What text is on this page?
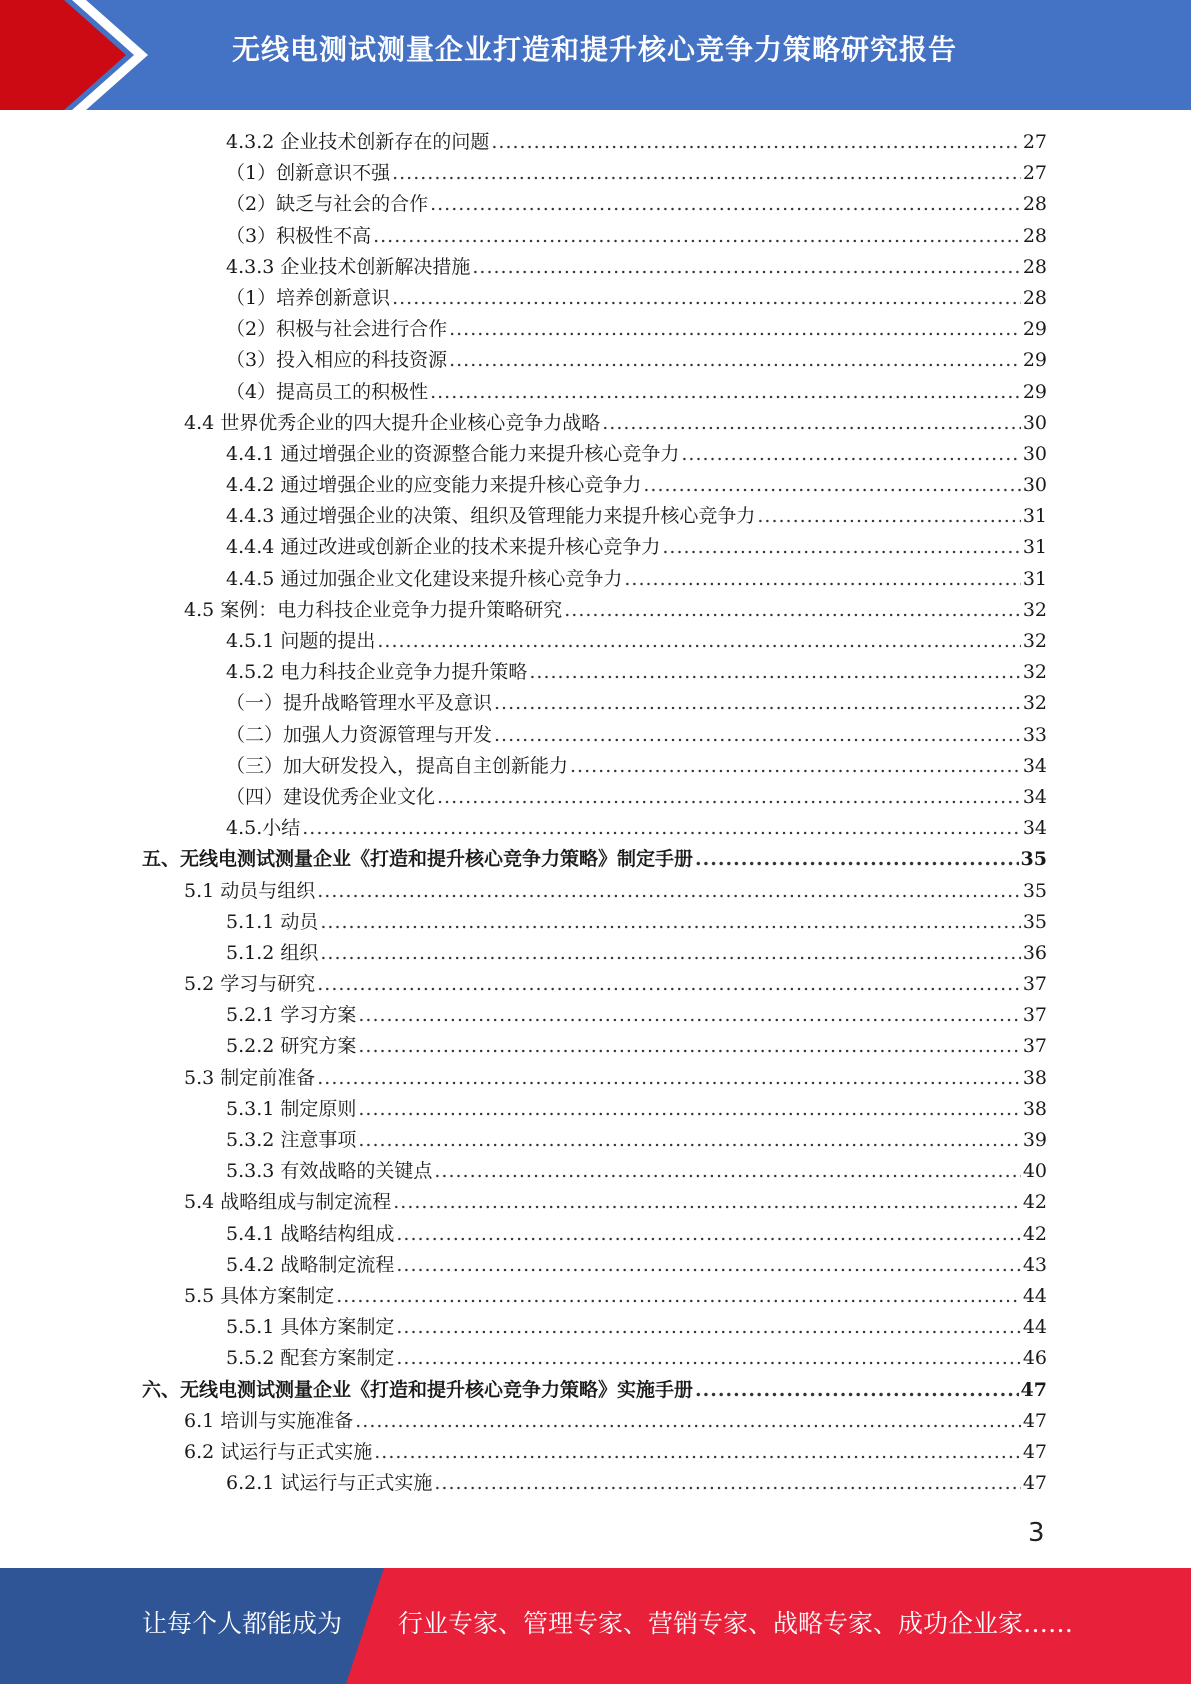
无线电测试测量企业打造和提升核心竞争力策略研究报告
4.3.2 企业技术创新存在的问题 .....	27
（1）创新意识不强 .....	27
（2）缺乏与社会的合作 .....	28
（3）积极性不高 .....	28
4.3.3 企业技术创新解决措施 .....	28
（1）培养创新意识 .....	28
（2）积极与社会进行合作 .....	29
（3）投入相应的科技资源 .....	29
（4）提高员工的积极性 .....	29
4.4 世界优秀企业的四大提升企业核心竞争力战略 .....	30
4.4.1 通过增强企业的资源整合能力来提升核心竞争力 .....	30
4.4.2 通过增强企业的应变能力来提升核心竞争力 .....	30
4.4.3 通过增强企业的决策、组织及管理能力来提升核心竞争力 .....	31
4.4.4 通过改进或创新企业的技术来提升核心竞争力 .....	31
4.4.5 通过加强企业文化建设来提升核心竞争力 .....	31
4.5 案例：电力科技企业竞争力提升策略研究 .....	32
4.5.1 问题的提出 .....	32
4.5.2 电力科技企业竞争力提升策略 .....	32
（一）提升战略管理水平及意识 .....	32
（二）加强人力资源管理与开发 .....	33
（三）加大研发投入，提高自主创新能力 .....	34
（四）建设优秀企业文化 .....	34
4.5.小结 .....	34
五、无线电测试测量企业《打造和提升核心竞争力策略》制定手册 .....	35
5.1 动员与组织 .....	35
5.1.1 动员 .....	35
5.1.2 组织 .....	36
5.2 学习与研究 .....	37
5.2.1 学习方案 .....	37
5.2.2 研究方案 .....	37
5.3 制定前准备 .....	38
5.3.1 制定原则 .....	38
5.3.2 注意事项 .....	39
5.3.3 有效战略的关键点 .....	40
5.4 战略组成与制定流程 .....	42
5.4.1 战略结构组成 .....	42
5.4.2 战略制定流程 .....	43
5.5 具体方案制定 .....	44
5.5.1 具体方案制定 .....	44
5.5.2 配套方案制定 .....	46
六、无线电测试测量企业《打造和提升核心竞争力策略》实施手册 .....	47
6.1 培训与实施准备 .....	47
6.2 试运行与正式实施 .....	47
6.2.1 试运行与正式实施 .....	47
3
让每个人都能成为 行业专家、管理专家、营销专家、战略专家、成功企业家……
